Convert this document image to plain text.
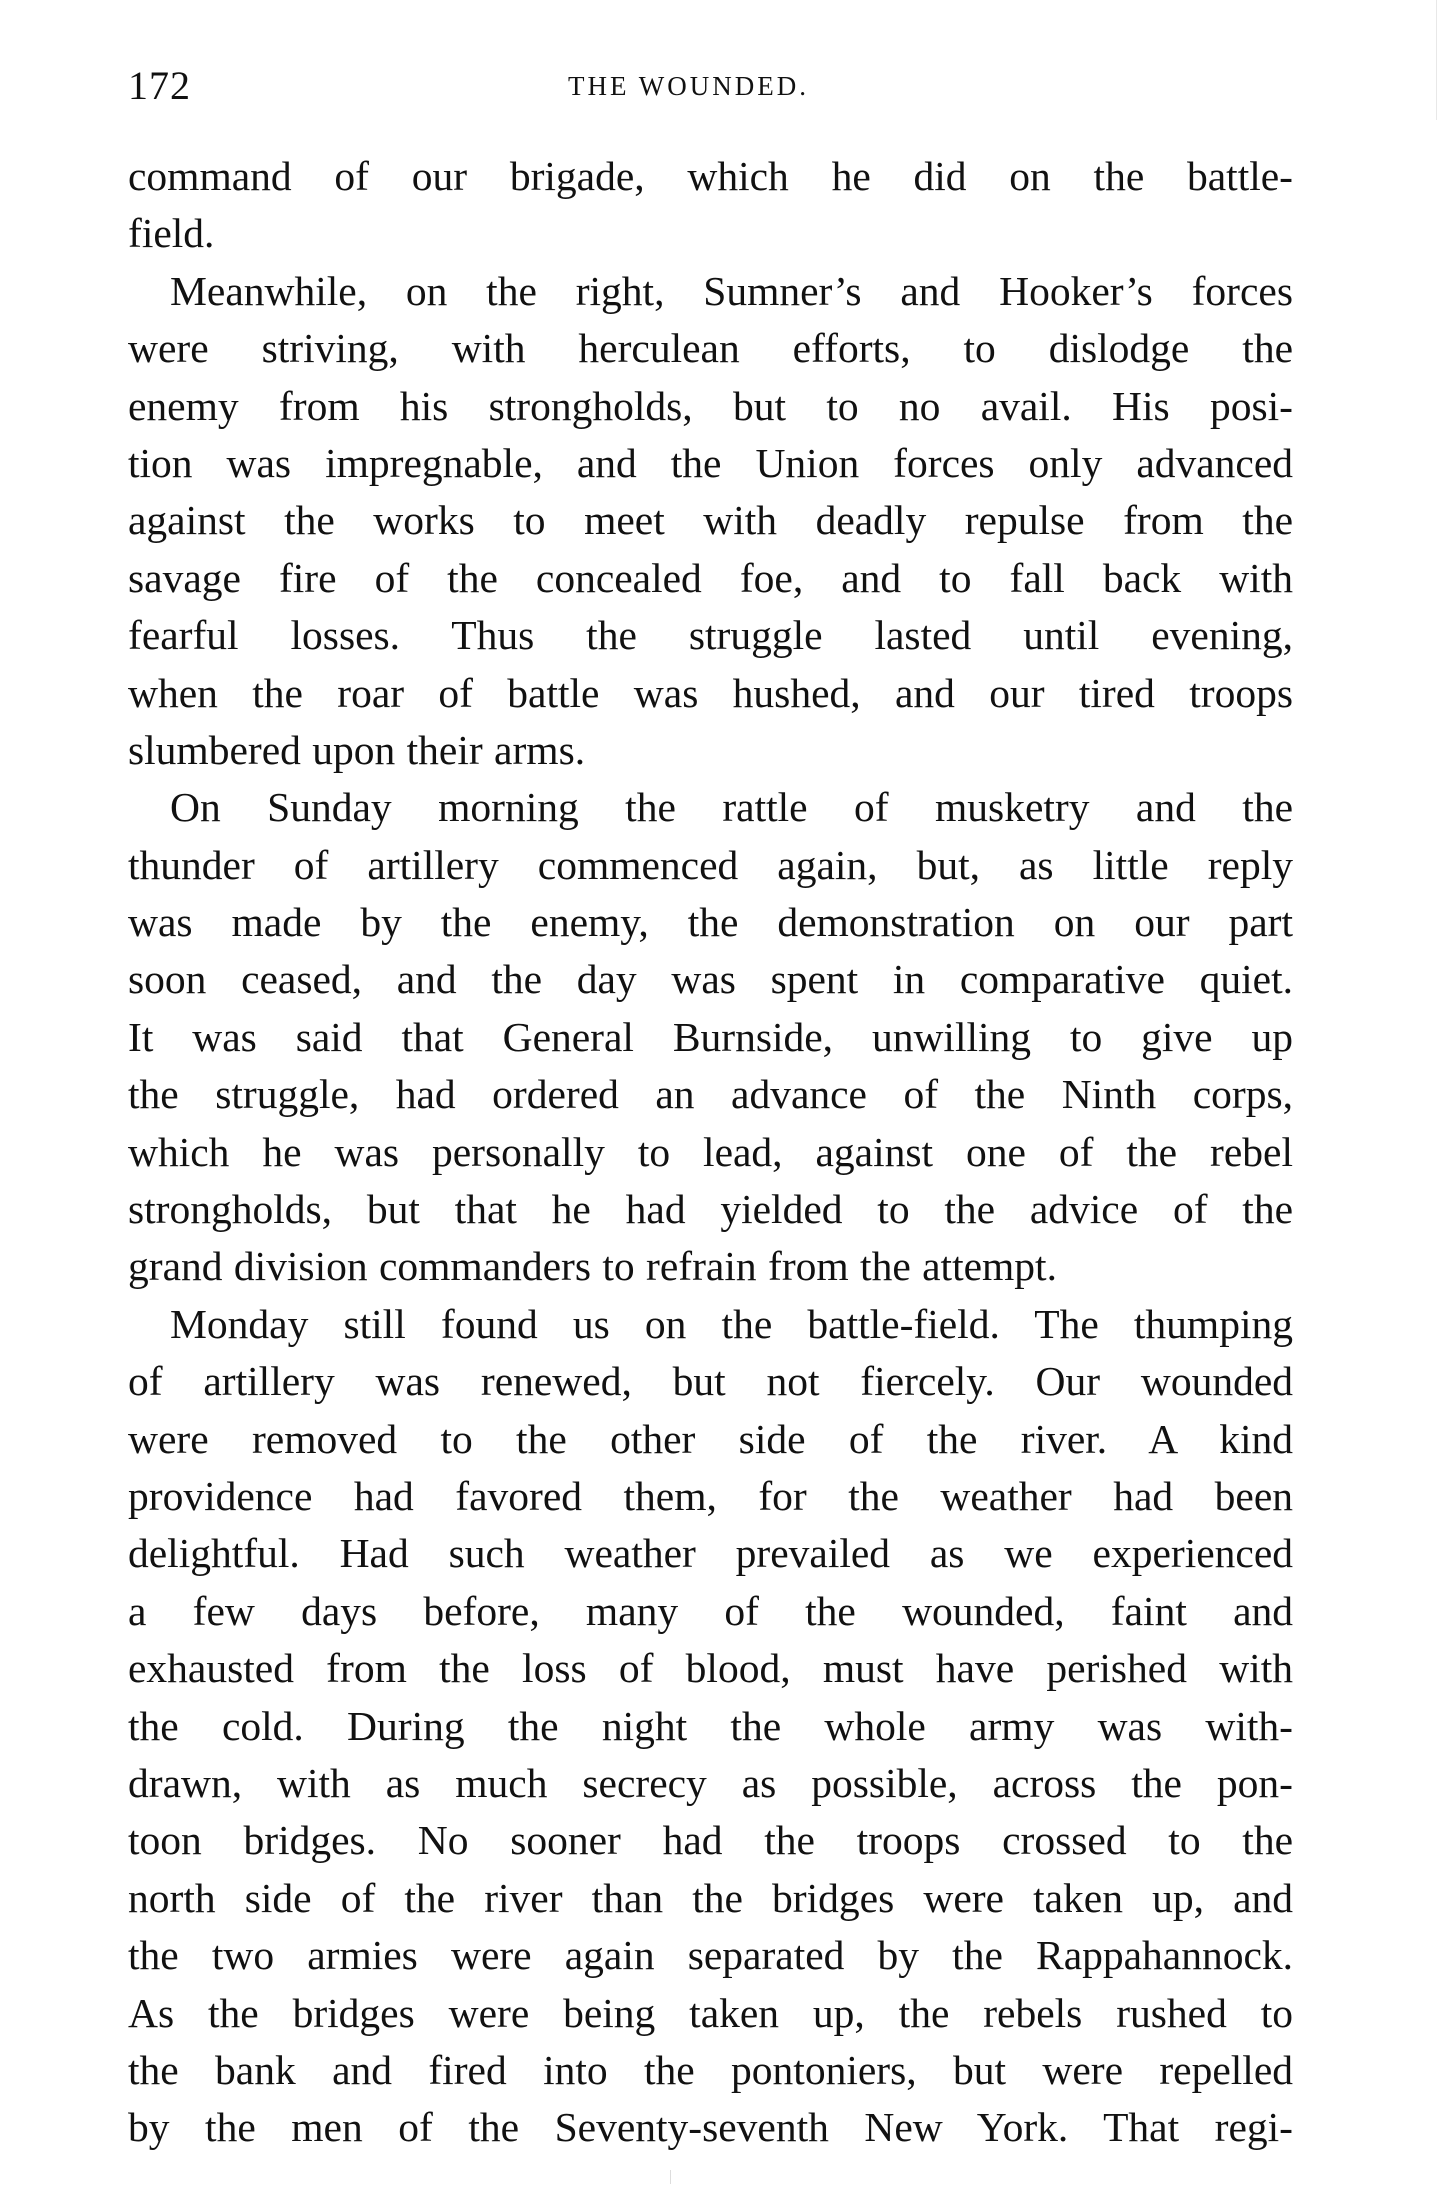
172	THE WOUNDED.
command of our brigade, which he did on the battle-
field.
Meanwhile, on the right, Sumner’s and Hooker’s forces
were striving, with herculean efforts, to dislodge the
enemy from his strongholds, but to no avail. His posi-
tion was impregnable, and the Union forces only advanced
against the works to meet with deadly repulse from the
savage fire of the concealed foe, and to fall back with
fearful losses. Thus the struggle lasted until evening,
when the roar of battle was hushed, and our tired troops
slumbered upon their arms.
On Sunday morning the rattle of musketry and the
thunder of artillery commenced again, but, as little reply
was made by the enemy, the demonstration on our part
soon ceased, and the day was spent in comparative quiet.
It was said that General Burnside, unwilling to give up
the struggle, had ordered an advance of the Ninth corps,
which he was personally to lead, against one of the rebel
strongholds, but that he had yielded to the advice of the
grand division commanders to refrain from the attempt.
Monday still found us on the battle-field. The thumping
of artillery was renewed, but not fiercely. Our wounded
were removed to the other side of the river. A kind
providence had favored them, for the weather had been
delightful. Had such weather prevailed as we experienced
a few days before, many of the wounded, faint and
exhausted from the loss of blood, must have perished with
the cold. During the night the whole army was with-
drawn, with as much secrecy as possible, across the pon-
toon bridges. No sooner had the troops crossed to the
north side of the river than the bridges were taken up, and
the two armies were again separated by the Rappahannock.
As the bridges were being taken up, the rebels rushed to
the bank and fired into the pontoniers, but were repelled
by the men of the Seventy-seventh New York. That regi-
